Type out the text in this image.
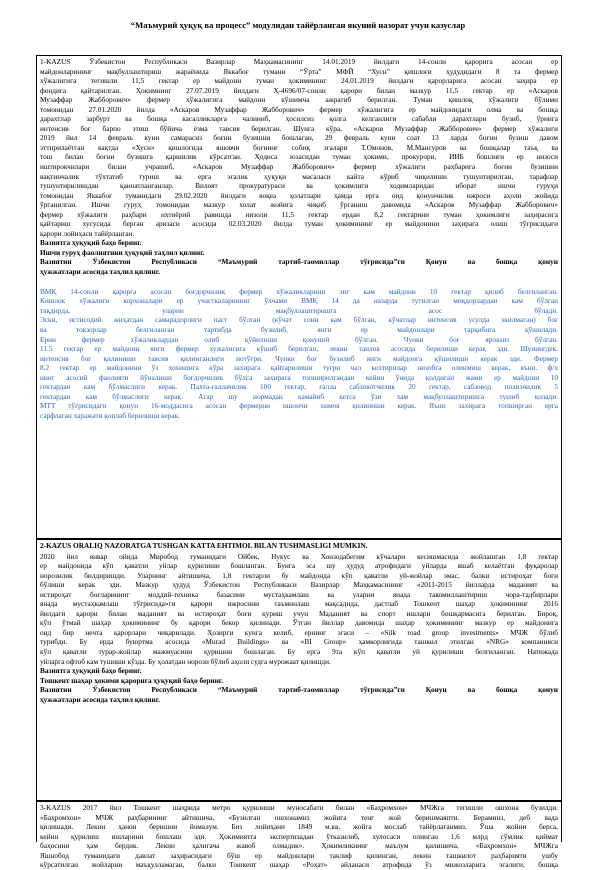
“Маъмурий ҳуқуқ ва процесс” модулидан тайёрланган якуний назорат учун казуслар
1-KAZUS Ўзбекистон Республикаси Вазирлар Маҳкамасининг 14.01.2019 йилдаги 14-сонли қарорига асосан ер
майдонларининг мақбуллаштириш жараёнида Яккабоғ тумани “Ўрта” МФЙ “Хусн” қишлоғи ҳудудидаги 8 та фермер
хўжалигига тегишли 11,5 гектар ер майдони туман ҳокимининг 24.01.2019 йилдаги қарорларига асосан заҳира ер
фондига қайтарилган. Ҳокимнинг 27.07.2019 йилдаги Ҳ-4696/07-сонли қарори билан мазкур 11,5 гектар ер «Аскаров
Музаффар Жабборович» фермер хўжалигига майдони кўшимча ажратиб берилган. Туман қишлоқ хўжалиги бўлими
томонидан 27.01.2020 йилда «Аскаров Музаффар Жабборович» фермер хўжалигига ер майдонидаги олма ва бошқа
дарахтлар зарбурт ва бошқа касалликларга чалиниб, ҳосилсиз қолга келганлиги сабабли дарахтлари бузиб, ўрнига
интенсив боғ барпо этиш бўйича ёзма тавсия берилган. Шунга кўра, «Аскаров Музаффар Жабборович» фермер хўжалиги
2019 йил 14 феврaль куни самарасиз боғни бузишни бошлаган, 29 февраль куни соат 13 ларда боғни бузиш давом
эттирилаётган вақтда «Хусн» қишлоғида яшовчи богнинг собиқ эгалари Т.Омонов, М.Мансуров ва бошқалар таъқ ва
тош билан боғни бузишга қаршилик кўрсатган. Ҳодиса юзасидан туман ҳокими, прокурори, ИИБ бошлиғи ер низоси
иштирокчилари билан учрашиб, «Аскаров Музаффар Жабборович» фермер хўжалиги раҳбарига боғни бузишни
вақтинчалик тўхтатиб туриш ва ерга эгалик ҳуқуқи масаласи кайта кўриб чиқилиши тушунтирилган, тарафлар
тушунтирилишдан қаноатланганлар. Вилоят прокуратураси ва ҳокимлиги ходимларидан иборат ишчи гуруҳи
томонидан Яккабоғ туманидаги 29.02.2020 йилдаги воқеа ҳолатлари ҳамда ерга оид қонунчилик ижроси аҳоли жойида
ўрганилган. Ишчи гуруҳ томонидан мазкур холат жойига чиқиб ўрганиш давомида «Аскаров Музаффар Жабборович»
фермер хўжалиги раҳбари ихтиёрий равишда низоли 11,5 гектар ердан 8,2 гектарини туман ҳокимлиги заҳирасига
қайтариш хусусида берган аризаси асосида 02.03.2020 йилда туман ҳокимининг ер майдонини заҳирага олиш тўғрисидаги
қарори лойиҳаси тайёрланган.
Вазиятга ҳуқуқий баҳо беринг.
Ишчи гуруҳ фаолиятини ҳуқуқий таҳлил қилинг.
Вазиятни Ўзбекистон Республикаси “Маъмурий тартиб-таомиллар тўғрисида”ги Қонун ва бошқа қонун
ҳужжатлари асосида таҳлил қилинг.
ВМҚ 14-сонли қарорга асосан боғдорчилик фермер хўжаликларини энг кам майдони 10 гектар қилиб белгиланган.
Кишлок хўжалиги корхоналари ер участкаларининг ўлчами ВМҚ 14 да назарда тутилган миқдорлардан кам бўлган
тақдирда, уларни мақбуллаштиришга асос бўлади.
Эски, истисодий жиҳатдан самарадорлиги паст бўлган (кўчат сони кам бўлган, кўчатлар интенсив усулда экилмаган) боғ
ва токзорлар белгиланган тартибда бузилиб, янги ер майдонлари тарқибига қўшилади.
Ерни фермер хўжаликлардан олиб қўйилиши қонуний бўлган. Чунки боғ ярокsиз бўлган.
11.5 гектар ер майдони янги фермер хужалигига кўшиб берилган, лекин танлов асосида берилиши керак эди. Шунингдек.
интенсив боғ қилиниши тавсия қилинганлиги нотўғри. Чунки боғ бузилиб янги майдонга қўшилиши керак эди. Фермер
8.2 гектар ер майдонини ўз хохишига кўра захирага қайтарилиши туғри чал келтирилар низобга олинмиш керак, яъни. ф/х
нинг асосий фаолияти йўналиши боғдорчилик бўлса захирага топширилгандан кейин ўнида қолдиган жами ер майдони 10
гектардан кам бўлмаслиги керак. Пахта-ғаллачилик 100 гектар, ғалла сабзовотчилик 20 гектар, сабзовод полизчилик 5
гектардан кам бўлмаслиги керак. Агар шу нормадан камайиб кетса ўзи хам мақбуллаштиришга тушиб қолади.
МТТ тўғрисидаги қонун 16-моддасига асосан фермерни ишончи химоя қилиниши керак. Яъни захирага топширган ерга
сарфлаган харажати қоплаб берилиши керак.
2-KAZUS ORALIQ NAZORATGA TUSHGAN KATTA EHTIMOL BILAN TUSHMASLIGI MUMKIN.
2020 йил январ ойида Миробод туманидаги Ойбек, Нукус ва Хонзодабегим кўчалари кесишмасида жойлашган 1,8 гектар
ер майдонида кўп қаватли уйлар қурилиши бошланган. Бунга эса шу ҳудуд атрофидаги уйларда яшаб келаётган фуқаролар
норозилик билдиришди. Уларнинг айтишича, 1,8 гектарли бу майдонда кўп қаватли уй-жойлар эмас, балки истироҳат боғи
бўлиши керак эди. Мазкур ҳудуд Ўзбекистон Республикаси Вазирлар Маҳкамасининг «2011-2015 йилларда маданият ва
истироҳат боғларининг моддий-техника базасини мустаҳкамлаш ва уларни янада такомиллаштириш чора-тадбирлари
янада мустаҳкамлаш тўғрисида»ги қарори ижросини таъминлаш мақсадида, дастлаб Тошкент шаҳар ҳокимининг 2016
йилдаги қарори билан маданият ва истироҳат боғи қуриш учун Маданият ва спорт ишлари бошқармасига берилган. Бироқ,
кўп ўтмай шаҳар ҳокимининг бу қарори бекор қилинади. Ўтган йиллар давомида шаҳар ҳокимининг мазкур ер майдонига
оид бир нечта қарорлари чиқарилади. Ҳозирги кунга келиб, ернинг эгаси – «Silk road group investments» МЧЖ бўлиб
турибди. Бу ерда буюртма асосида «Murad Buildings» ва «BI Group» ҳамкорлигида ташкил этилган «NRG» компанияси
кўп қаватли турар-жойлар мажмуасини қуришни бошлаган. Бу ерга 9та кўп қаватли уй қурилиши белгиланган. Натижада
уйларга офтоб кам тушиши кўзда. Бу ҳолатдан норози бўлиб аҳоли судга мурожаат қилишди.
Вазиятга ҳуқуқий баҳо беринг.
Тошкент шаҳар ҳокими қарорига ҳуқуқий баҳо беринг.
Вазиятни Ўзбекистон Республикаси “Маъмурий тартиб-таомиллар тўғрисида”ги Қонун ва бошқа қонун
ҳужжатлари асосида таҳлил қилинг.
3-KAZUS 2017 йил Тошкент шаҳрида метро қурилиши муносабати билан «Баҳромхон» МЧЖга тегишли ошхона бузилди.
«Баҳромхон» МЧЖ раҳбарининг айтишича, «Бузилган ошхонамиз жойига тенг жой беришмаяпти. Бераминз, деб вада
қилишади. Лекин ҳанон беришни йомалум. Биз лойиҳани 1849 м.кв. жойга мослаб тайёрлаганмиз. Ўша жойни берса,
кейин қурилиш ишларини бошлаш эди. Ҳокимиятга экспертизадан ўтказилиб, хулосаси олинган 1,6 млрд сўмлик қиймат
баҳосини ҳам бердик. Лекин ҳалигача жавоб олмадик». Ҳокимликнинг маълум қилишича, «Баҳромхон» МЧЖга
Яшнобод туманидаги давлат заҳирасидаги бўш ер майдонлари таклиф қилинган, лекин ташкилот раҳбарияти ушбу
кўрсатилган жойларни маъқулламаган, балки Тошкент шаҳар «Роҳат» айланаси атрофида ўз мижозларига эгалиги, бошқа
